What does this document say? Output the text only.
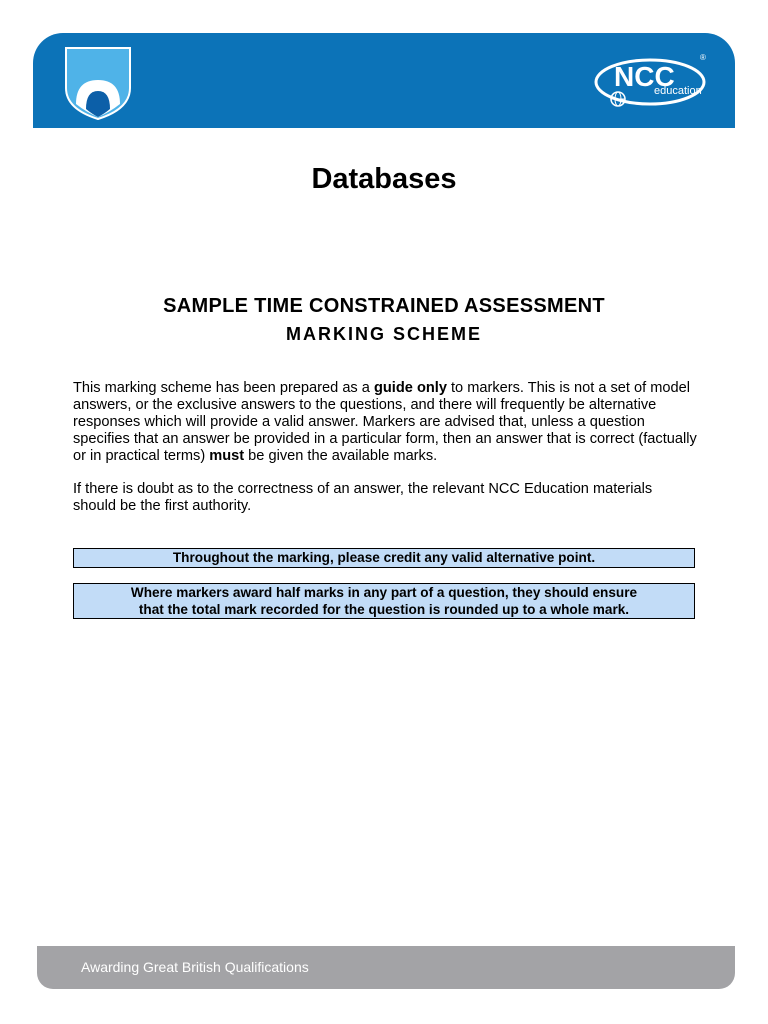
NCC
education
®
Databases
SAMPLE TIME CONSTRAINED ASSESSMENT
MARKING SCHEME

This marking scheme has been prepared as a guide only to markers. This is not a set of model answers, or the exclusive answers to the questions, and there will frequently be alternative responses which will provide a valid answer. Markers are advised that, unless a question specifies that an answer be provided in a particular form, then an answer that is correct (factually or in practical terms) must be given the available marks.

If there is doubt as to the correctness of an answer, the relevant NCC Education materials should be the first authority.

Throughout the marking, please credit any valid alternative point.
Where markers award half marks in any part of a question, they should ensure
that the total mark recorded for the question is rounded up to a whole mark.
Awarding Great British Qualifications
